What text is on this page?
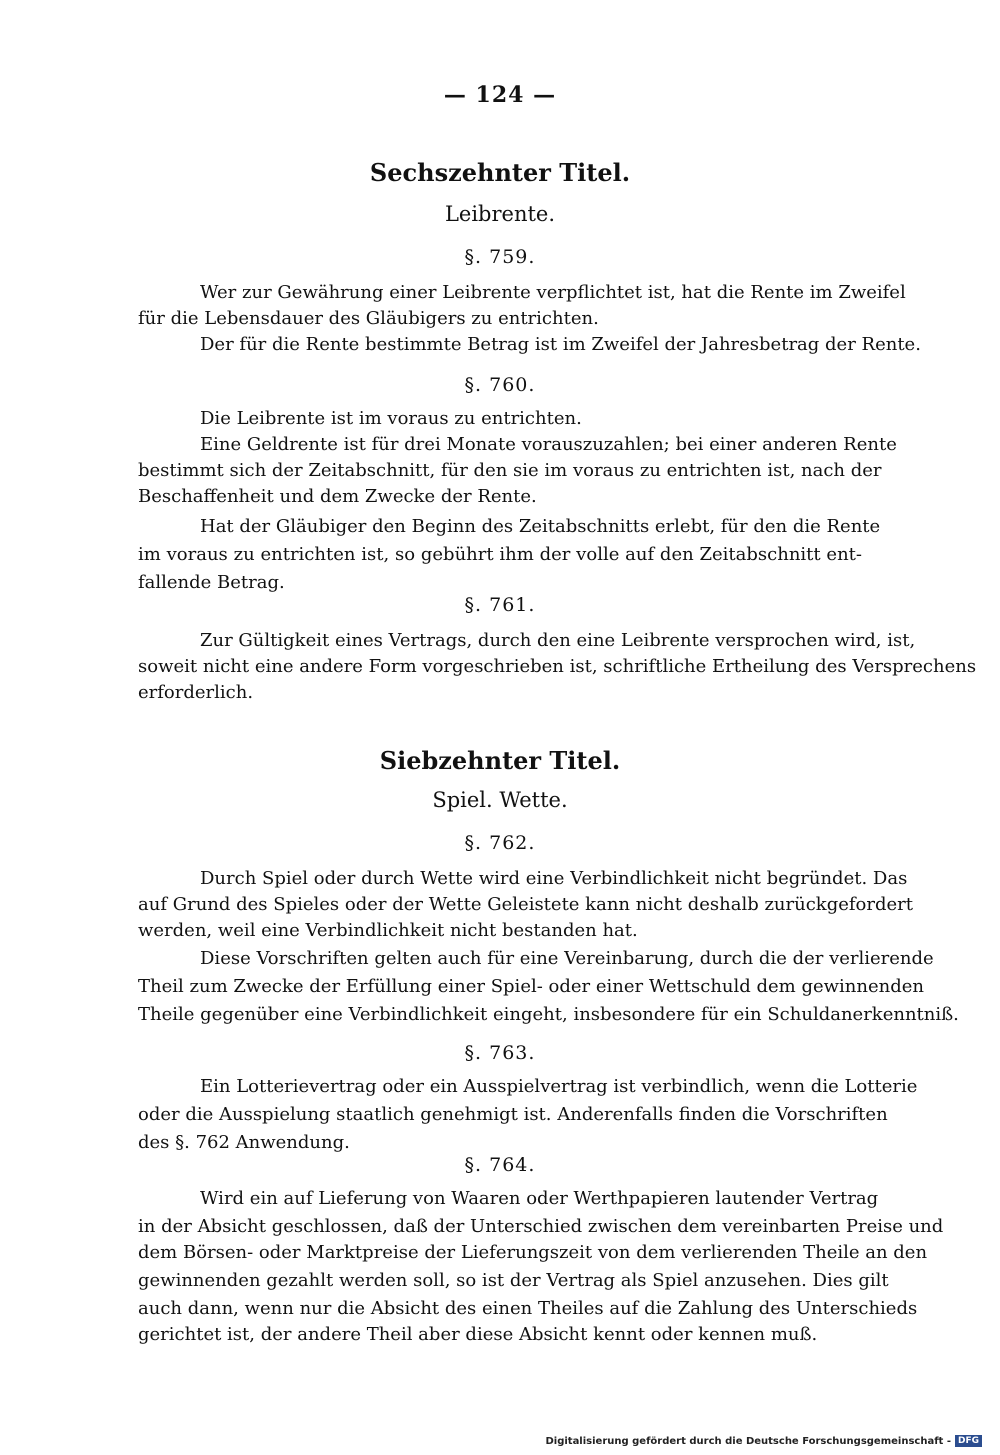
— 124 —
Sechszehnter Titel.
Leibrente.
§. 759.
Wer zur Gewährung einer Leibrente verpflichtet ist, hat die Rente im Zweifel
für die Lebensdauer des Gläubigers zu entrichten.
Der für die Rente bestimmte Betrag ist im Zweifel der Jahresbetrag der Rente.
§. 760.
Die Leibrente ist im voraus zu entrichten.
Eine Geldrente ist für drei Monate vorauszuzahlen; bei einer anderen Rente
bestimmt sich der Zeitabschnitt, für den sie im voraus zu entrichten ist, nach der
Beschaffenheit und dem Zwecke der Rente.
Hat der Gläubiger den Beginn des Zeitabschnitts erlebt, für den die Rente
im voraus zu entrichten ist, so gebührt ihm der volle auf den Zeitabschnitt ent-
fallende Betrag.
§. 761.
Zur Gültigkeit eines Vertrags, durch den eine Leibrente versprochen wird, ist,
soweit nicht eine andere Form vorgeschrieben ist, schriftliche Ertheilung des Versprechens
erforderlich.
Siebzehnter Titel.
Spiel. Wette.
§. 762.
Durch Spiel oder durch Wette wird eine Verbindlichkeit nicht begründet. Das
auf Grund des Spieles oder der Wette Geleistete kann nicht deshalb zurückgefordert
werden, weil eine Verbindlichkeit nicht bestanden hat.
Diese Vorschriften gelten auch für eine Vereinbarung, durch die der verlierende
Theil zum Zwecke der Erfüllung einer Spiel- oder einer Wettschuld dem gewinnenden
Theile gegenüber eine Verbindlichkeit eingeht, insbesondere für ein Schuldanerkenntniß.
§. 763.
Ein Lotterievertrag oder ein Ausspielvertrag ist verbindlich, wenn die Lotterie
oder die Ausspielung staatlich genehmigt ist. Anderenfalls finden die Vorschriften
des §. 762 Anwendung.
§. 764.
Wird ein auf Lieferung von Waaren oder Werthpapieren lautender Vertrag
in der Absicht geschlossen, daß der Unterschied zwischen dem vereinbarten Preise und
dem Börsen- oder Marktpreise der Lieferungszeit von dem verlierenden Theile an den
gewinnenden gezahlt werden soll, so ist der Vertrag als Spiel anzusehen. Dies gilt
auch dann, wenn nur die Absicht des einen Theiles auf die Zahlung des Unterschieds
gerichtet ist, der andere Theil aber diese Absicht kennt oder kennen muß.
Digitalisierung gefördert durch die Deutsche Forschungsgemeinschaft - DFG
